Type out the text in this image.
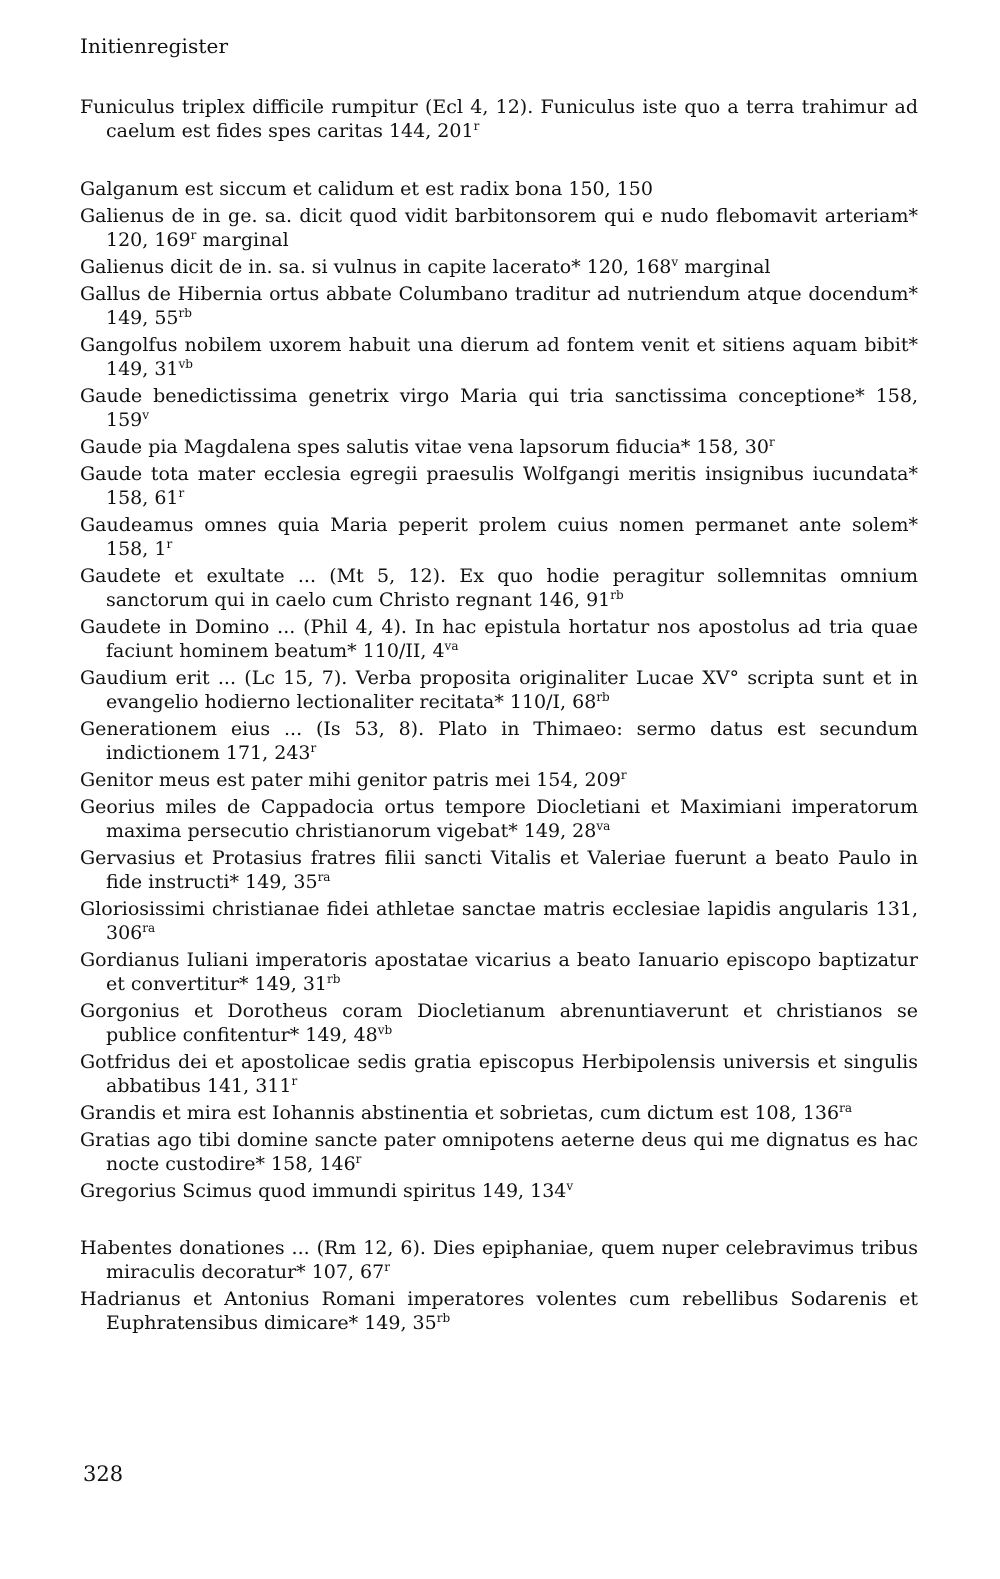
Initienregister

Funiculus triplex difficile rumpitur (Ecl 4, 12). Funiculus iste quo a terra trahimur ad caelum est fides spes caritas 144, 201$^r$

Galganum est siccum et calidum et est radix bona 150, 150

Galienus de in ge. sa. dicit quod vidit barbitonsorem qui e nudo flebomavit arteriam* 120, 169$^r$ marginal

Galienus dicit de in. sa. si vulnus in capite lacerato* 120, 168$^v$ marginal

Gallus de Hibernia ortus abbate Columbano traditur ad nutriendum atque docendum* 149, $55^{rb}$

Gangolfus nobilem uxorem habuit una dierum ad fontem venit et sitiens aquam bibit* 149, $31^{vb}$

Gaude benedictissima genetrix virgo Maria qui tria sanctissima conceptione* 158, 159$^v$

Gaude pia Magdalena spes salutis vitae vena lapsorum fiducia* 158, 30$^r$

Gaude tota mater ecclesia egregii praesulis Wolfgangi meritis insignibus iucundata* 158, 61$^r$

Gaudeamus omnes quia Maria peperit prolem cuius nomen permanet ante solem* 158, 1$^r$

Gaudete et exultate ... (Mt 5, 12). Ex quo hodie peragitur sollemnitas omnium sanctorum qui in caelo cum Christo regnant 146, $91^{rb}$

Gaudete in Domino ... (Phil 4, 4). In hac epistula hortatur nos apostolus ad tria quae faciunt hominem beatum* 110/II, $4^{va}$

Gaudium erit ... (Lc 15, 7). Verba proposita originaliter Lucae XV° scripta sunt et in evangelio hodierno lectionaliter recitata* 110/I, $68^{rb}$

Generationem eius ... (Is 53, 8). Plato in Thimaeo: sermo datus est secundum indictionem 171, 243$^r$

Genitor meus est pater mihi genitor patris mei 154, 209$^r$

Georius miles de Cappadocia ortus tempore Diocletiani et Maximiani imperatorum maxima persecutio christianorum vigebat* 149, $28^{va}$

Gervasius et Protasius fratres filii sancti Vitalis et Valeriae fuerunt a beato Paulo in fide instructi* 149, $35^{ra}$

Gloriosissimi christianae fidei athletae sanctae matris ecclesiae lapidis angularis 131, $306^{ra}$

Gordianus Iuliani imperatoris apostatae vicarius a beato Ianuario episcopo baptizatur et convertitur* 149, $31^{rb}$

Gorgonius et Dorotheus coram Diocletianum abrenuntiaverunt et christianos se publice confitentur* 149, $48^{vb}$

Gotfridus dei et apostolicae sedis gratia episcopus Herbipolensis universis et singulis abbatibus 141, 311$^r$

Grandis et mira est Iohannis abstinentia et sobrietas, cum dictum est 108, $136^{ra}$

Gratias ago tibi domine sancte pater omnipotens aeterne deus qui me dignatus es hac nocte custodire* 158, 146$^r$

Gregorius Scimus quod immundi spiritus 149, 134$^v$

Habentes donationes ... (Rm 12, 6). Dies epiphaniae, quem nuper celebravimus tribus miraculis decoratur* 107, 67$^r$

Hadrianus et Antonius Romani imperatores volentes cum rebellibus Sodarenis et Euphratensibus dimicare* 149, $35^{rb}$

328
